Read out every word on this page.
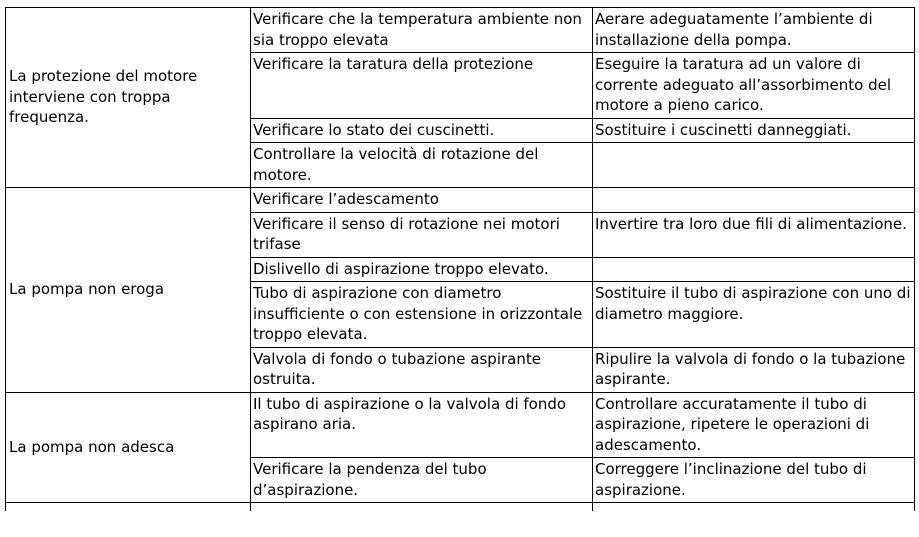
La protezione del motore interviene con troppa frequenza.	Verificare che la temperatura ambiente non sia troppo elevata	Aerare adeguatamente l’ambiente di installazione della pompa.
	Verificare la taratura della protezione	Eseguire la taratura ad un valore di corrente adeguato all’assorbimento del motore a pieno carico.
	Verificare lo stato dei cuscinetti.	Sostituire i cuscinetti danneggiati.
	Controllare la velocità di rotazione del motore.	
La pompa non eroga	Verificare l’adescamento	
	Verificare il senso di rotazione nei motori trifase	Invertire tra loro due fili di alimentazione.
	Dislivello di aspirazione troppo elevato.	
	Tubo di aspirazione con diametro insufficiente o con estensione in orizzontale troppo elevata.	Sostituire il tubo di aspirazione con uno di diametro maggiore.
	Valvola di fondo o tubazione aspirante ostruita.	Ripulire la valvola di fondo o la tubazione aspirante.
La pompa non adesca	Il tubo di aspirazione o la valvola di fondo aspirano aria.	Controllare accuratamente il tubo di aspirazione, ripetere le operazioni di adescamento.
	Verificare la pendenza del tubo d’aspirazione.	Correggere l’inclinazione del tubo di aspirazione.
